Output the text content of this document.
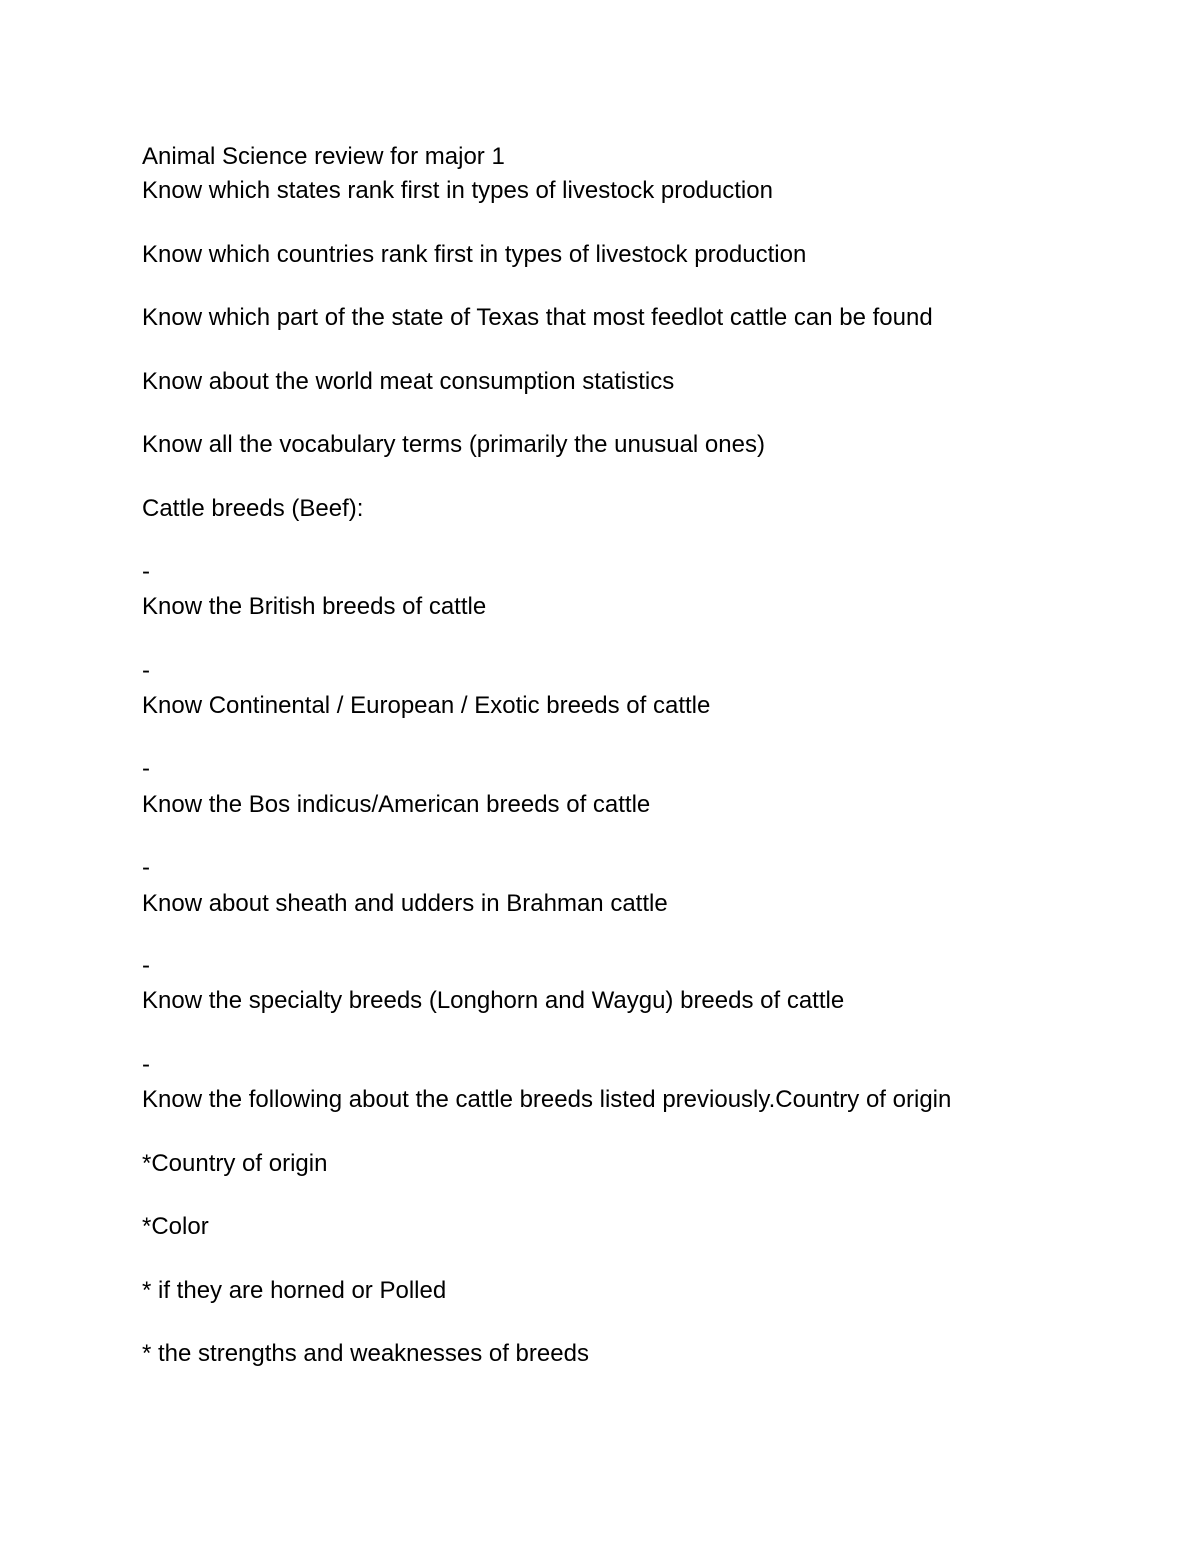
Animal Science review for major 1

Know which states rank first in types of livestock production

Know which countries rank first in types of livestock production

Know which part of the state of Texas that most feedlot cattle can be found

Know about the world meat consumption statistics

Know all the vocabulary terms (primarily the unusual ones)

Cattle breeds (Beef):

-

Know the British breeds of cattle

-

Know Continental / European / Exotic breeds of cattle

-

Know the Bos indicus/American breeds of cattle

-

Know about sheath and udders in Brahman cattle

-

Know the specialty breeds (Longhorn and Waygu) breeds of cattle

-

Know the following about the cattle breeds listed previously.Country of origin

*Country of origin

*Color

* if they are horned or Polled

* the strengths and weaknesses of breeds
